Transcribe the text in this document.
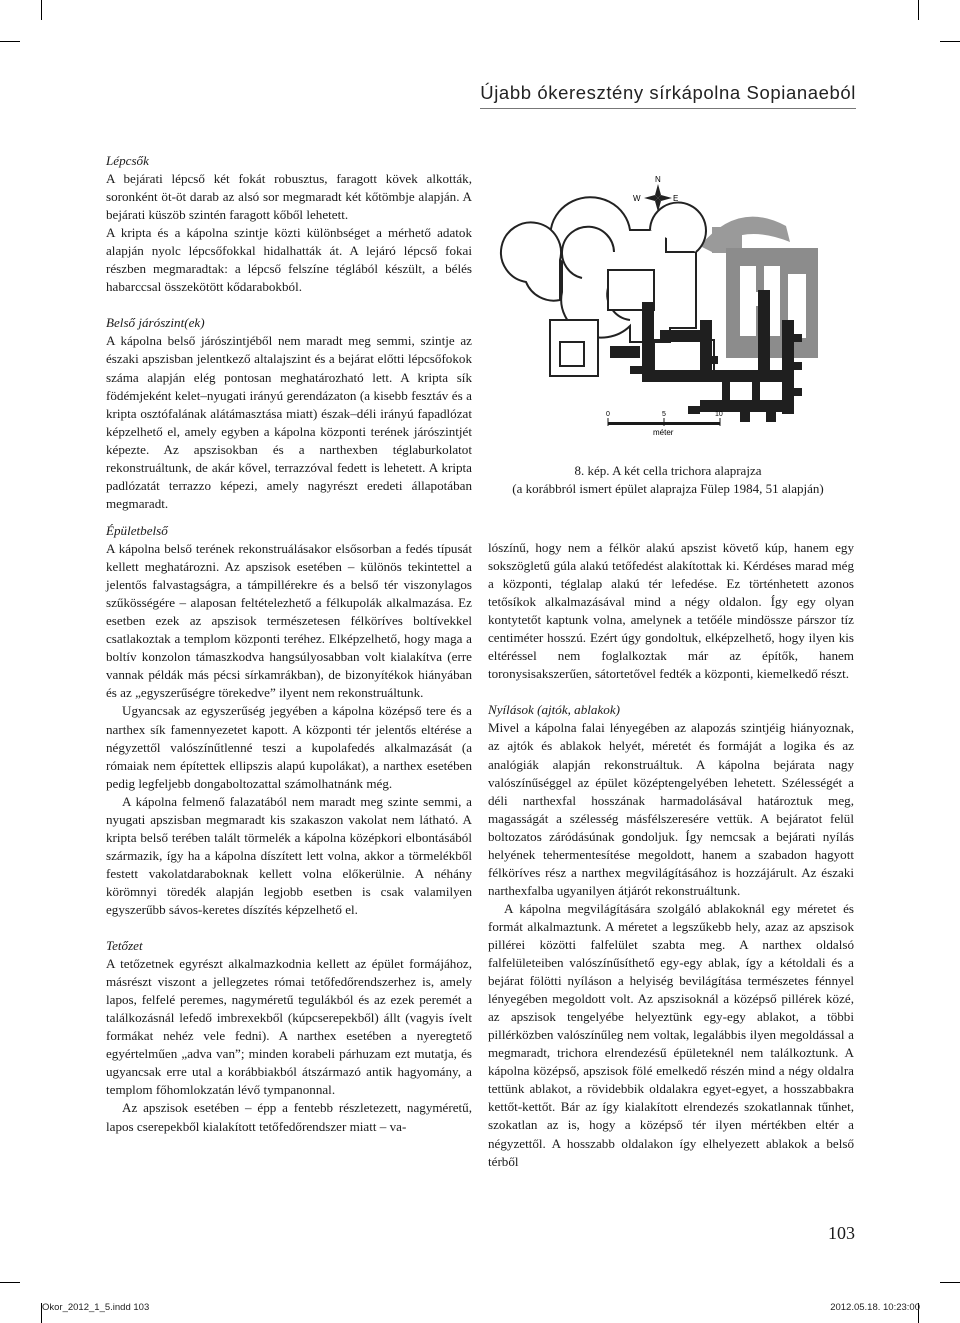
Újabb ókeresztény sírkápolna Sopianaeból

Lépcsők

A bejárati lépcső két fokát robusztus, faragott kövek alkották, soronként öt-öt darab az alsó sor megmaradt két kőtömbje alapján. A bejárati küszöb szintén faragott kőből lehetett.

A kripta és a kápolna szintje közti különbséget a mérhető adatok alapján nyolc lépcsőfokkal hidalhatták át. A lejáró lépcső fokai részben megmaradtak: a lépcső felszíne téglából készült, a bélés habarccsal összekötött kődarabokból.

Belső járószint(ek)

A kápolna belső járószintjéből nem maradt meg semmi, szintje az északi apszisban jelentkező altalajszint és a bejárat előtti lépcsőfokok száma alapján elég pontosan meghatározható lett. A kripta sík födémjeként kelet–nyugati irányú gerendázaton (a kisebb fesztáv és a kripta osztófalának alátámasztása miatt) észak–déli irányú fapadlózat képzelhető el, amely egyben a kápolna központi terének járószintjét képezte. Az apszisokban és a narthexben téglaburkolatot rekonstruáltunk, de akár kővel, terrazzóval fedett is lehetett. A kripta padlózatát terrazzo képezi, amely nagyrészt eredeti állapotában megmaradt.

Épületbelső

A kápolna belső terének rekonstruálásakor elsősorban a fedés típusát kellett meghatározni. Az apszisok esetében – különös tekintettel a jelentős falvastagságra, a támpillérekre és a belső tér viszonylagos szűkösségére – alaposan feltételezhető a félkupolák alkalmazása. Ez esetben ezek az apszisok természetesen félköríves boltívekkel csatlakoztak a templom központi teréhez. Elképzelhető, hogy maga a boltív konzolon támaszkodva hangsúlyosabban volt kialakítva (erre vannak példák más pécsi sírkamrákban), de bizonyítékok hiányában és az „egyszerűségre törekedve” ilyent nem rekonstruáltunk.

Ugyancsak az egyszerűség jegyében a kápolna középső tere és a narthex sík famennyezetet kapott. A központi tér jelentős eltérése a négyzettől valószínűtlenné teszi a kupolafedés alkalmazását (a rómaiak nem építettek ellipszis alapú kupolákat), a narthex esetében pedig legfeljebb dongaboltozattal számolhatnánk még.

A kápolna felmenő falazatából nem maradt meg szinte semmi, a nyugati apszisban megmaradt kis szakaszon vakolat nem látható. A kripta belső terében talált törmelék a kápolna középkori elbontásából származik, így ha a kápolna díszített lett volna, akkor a törmelékből festett vakolatdaraboknak kellett volna előkerülnie. A néhány körömnyi töredék alapján legjobb esetben is csak valamilyen egyszerűbb sávos-keretes díszítés képzelhető el.

Tetőzet

A tetőzetnek egyrészt alkalmazkodnia kellett az épület formájához, másrészt viszont a jellegzetes római tetőfedőrendszerhez is, amely lapos, felfelé peremes, nagyméretű tegulákból és az ezek peremét a találkozásnál lefedő imbrexekből (kúpcserepekből) állt (vagyis ívelt formákat nehéz vele fedni). A narthex esetében a nyeregtető egyértelműen „adva van”; minden korabeli párhuzam ezt mutatja, és ugyancsak erre utal a korábbiakból átszármazó antik hagyomány, a templom főhomlokzatán lévő tympanonnal.

Az apszisok esetében – épp a fentebb részletezett, nagyméretű, lapos cserepekből kialakított tetőfedőrendszer miatt – va-

lószínű, hogy nem a félkör alakú apszist követő kúp, hanem egy sokszögletű gúla alakú tetőfedést alakítottak ki. Kérdéses marad még a központi, téglalap alakú tér lefedése. Ez történhetett azonos tetősíkok alkalmazásával mind a négy oldalon. Így egy olyan kontytetőt kaptunk volna, amelynek a tetőéle mindössze párszor tíz centiméter hosszú. Ezért úgy gondoltuk, elképzelhető, hogy ilyen kis eltéréssel nem foglalkoztak már az építők, hanem toronysisakszerűen, sátortetővel fedték a központi, kiemelkedő részt.

Nyílások (ajtók, ablakok)

Mivel a kápolna falai lényegében az alapozás szintjéig hiányoznak, az ajtók és ablakok helyét, méretét és formáját a logika és az analógiák alapján rekonstruáltuk. A kápolna bejárata nagy valószínűséggel az épület középtengelyében lehetett. Szélességét a déli narthexfal hosszának harmadolásával határoztuk meg, magasságát a szélesség másfélszeresére vettük. A bejáratot felül boltozatos záródásúnak gondoljuk. Így nemcsak a bejárati nyílás helyének tehermentesítése megoldott, hanem a szabadon hagyott félköríves rész a narthex megvilágításához is hozzájárult. Az északi narthexfalba ugyanilyen átjárót rekonstruáltunk.

A kápolna megvilágítására szolgáló ablakoknál egy méretet és formát alkalmaztunk. A méretet a legszűkebb hely, azaz az apszisok pillérei közötti falfelület szabta meg. A narthex oldalsó falfelületeiben valószínűsíthető egy-egy ablak, így a kétoldali és a bejárat fölötti nyíláson a helyiség bevilágítása természetes fénnyel lényegében megoldott volt. Az apszisoknál a középső pillérek közé, az apszisok tengelyébe helyeztünk egy-egy ablakot, a többi pillérközben valószínűleg nem voltak, legalábbis ilyen megoldással a megmaradt, trichora elrendezésű épületeknél nem találkoztunk. A kápolna középső, apszisok fölé emelkedő részén mind a négy oldalra tettünk ablakot, a rövidebbik oldalakra egyet-egyet, a hosszabbakra kettőt-kettőt. Bár az így kialakított elrendezés szokatlannak tűnhet, szokatlan az is, hogy a középső tér ilyen mértékben eltér a négyzettől. A hosszabb oldalakon így elhelyezett ablakok a belső térből

N
E
W
0	5	10
méter

8. kép. A két cella trichora alaprajza

(a korábbról ismert épület alaprajza Fülep 1984, 51 alapján)

103
Okor_2012_1_5.indd 103	2012.05.18. 10:23:00
